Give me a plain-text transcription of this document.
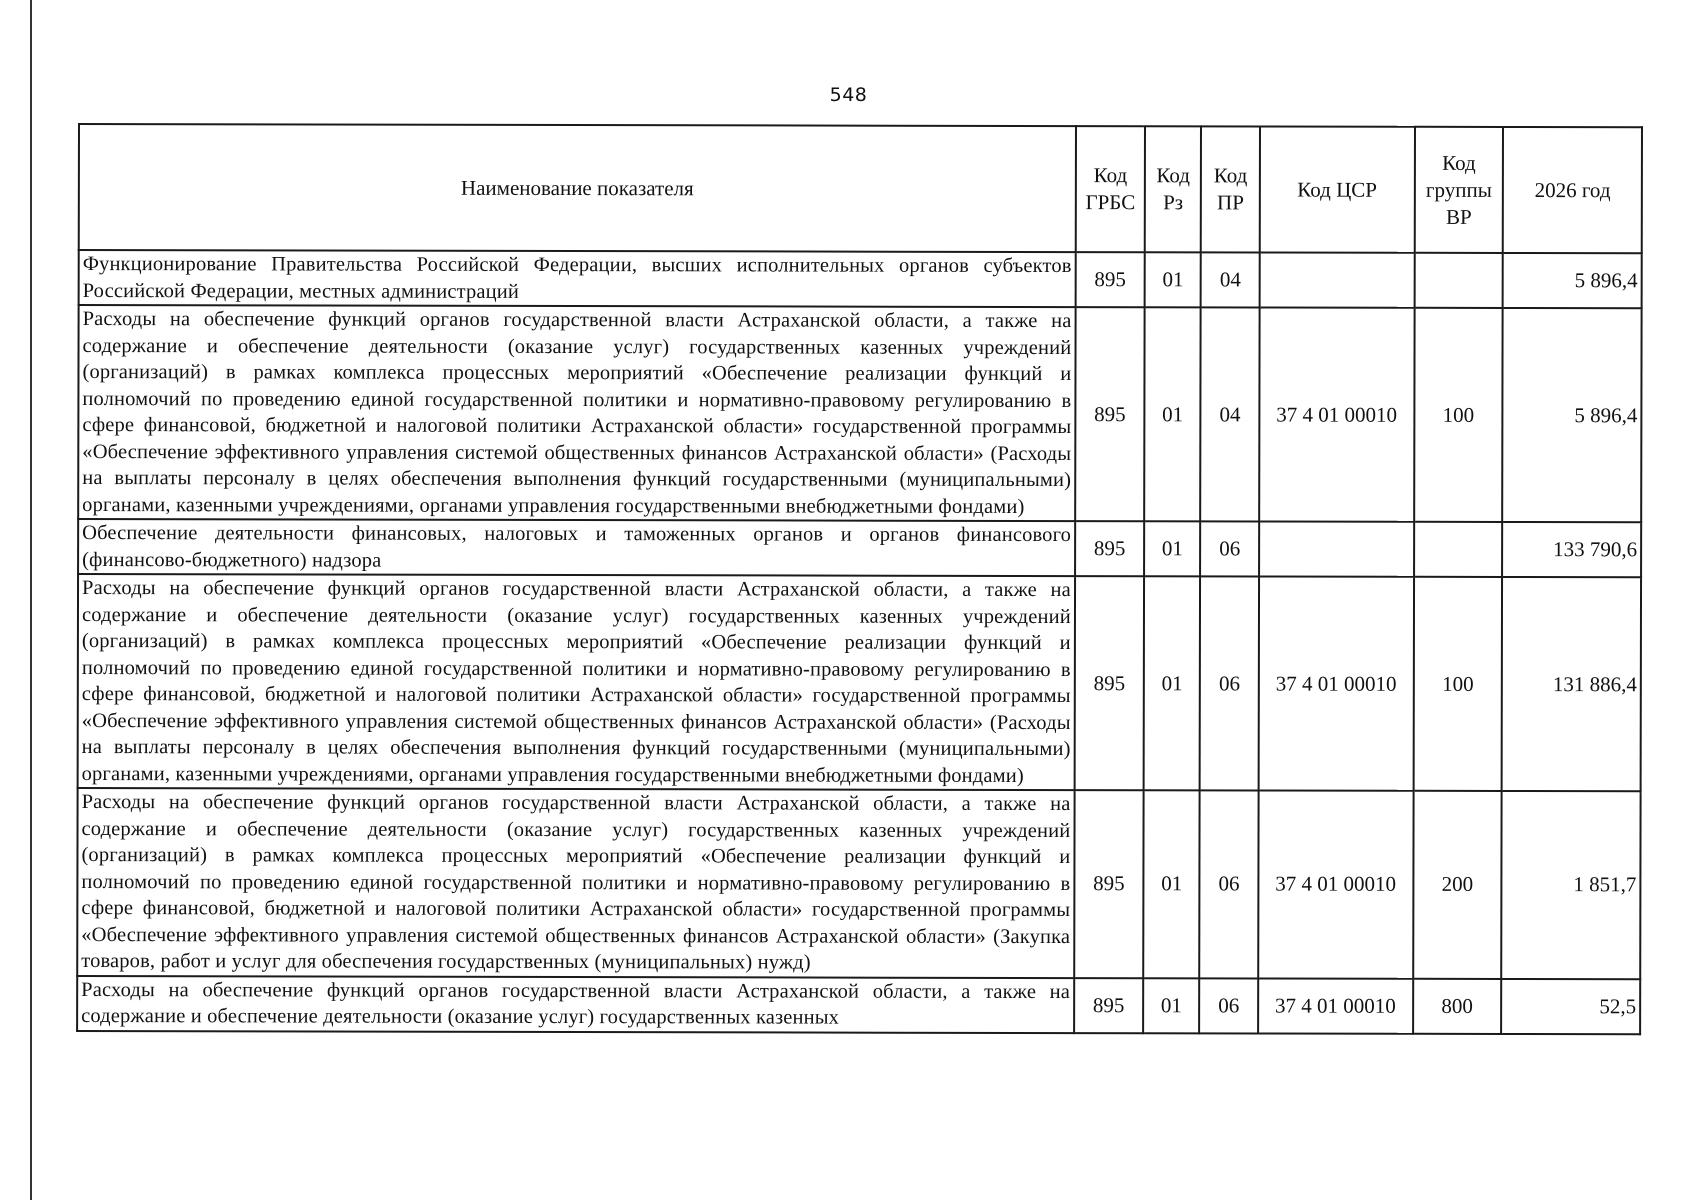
548
Наименование показателя	Код ГРБС	Код Рз	Код ПР	Код ЦСР	Код группы ВР	2026 год
Функционирование Правительства Российской Федерации, высших исполнительных органов субъектов Российской Федерации, местных администраций	895	01	04			5 896,4
Расходы на обеспечение функций органов государственной власти Астраханской области, а также на содержание и обеспечение деятельности (оказание услуг) государственных казенных учреждений (организаций) в рамках комплекса процессных мероприятий «Обеспечение реализации функций и полномочий по проведению единой государственной политики и нормативно-правовому регулированию в сфере финансовой, бюджетной и налоговой политики Астраханской области» государственной программы «Обеспечение эффективного управления системой общественных финансов Астраханской области» (Расходы на выплаты персоналу в целях обеспечения выполнения функций государственными (муниципальными) органами, казенными учреждениями, органами управления государственными внебюджетными фондами)	895	01	04	37 4 01 00010	100	5 896,4
Обеспечение деятельности финансовых, налоговых и таможенных органов и органов финансового (финансово-бюджетного) надзора	895	01	06			133 790,6
Расходы на обеспечение функций органов государственной власти Астраханской области, а также на содержание и обеспечение деятельности (оказание услуг) государственных казенных учреждений (организаций) в рамках комплекса процессных мероприятий «Обеспечение реализации функций и полномочий по проведению единой государственной политики и нормативно-правовому регулированию в сфере финансовой, бюджетной и налоговой политики Астраханской области» государственной программы «Обеспечение эффективного управления системой общественных финансов Астраханской области» (Расходы на выплаты персоналу в целях обеспечения выполнения функций государственными (муниципальными) органами, казенными учреждениями, органами управления государственными внебюджетными фондами)	895	01	06	37 4 01 00010	100	131 886,4
Расходы на обеспечение функций органов государственной власти Астраханской области, а также на содержание и обеспечение деятельности (оказание услуг) государственных казенных учреждений (организаций) в рамках комплекса процессных мероприятий «Обеспечение реализации функций и полномочий по проведению единой государственной политики и нормативно-правовому регулированию в сфере финансовой, бюджетной и налоговой политики Астраханской области» государственной программы «Обеспечение эффективного управления системой общественных финансов Астраханской области» (Закупка товаров, работ и услуг для обеспечения государственных (муниципальных) нужд)	895	01	06	37 4 01 00010	200	1 851,7

Расходы на обеспечение функций органов государственной власти Астраханской области, а также на содержание и обеспечение деятельности (оказание услуг) государственных казенных	895	01	06	37 4 01 00010	800	52,5
